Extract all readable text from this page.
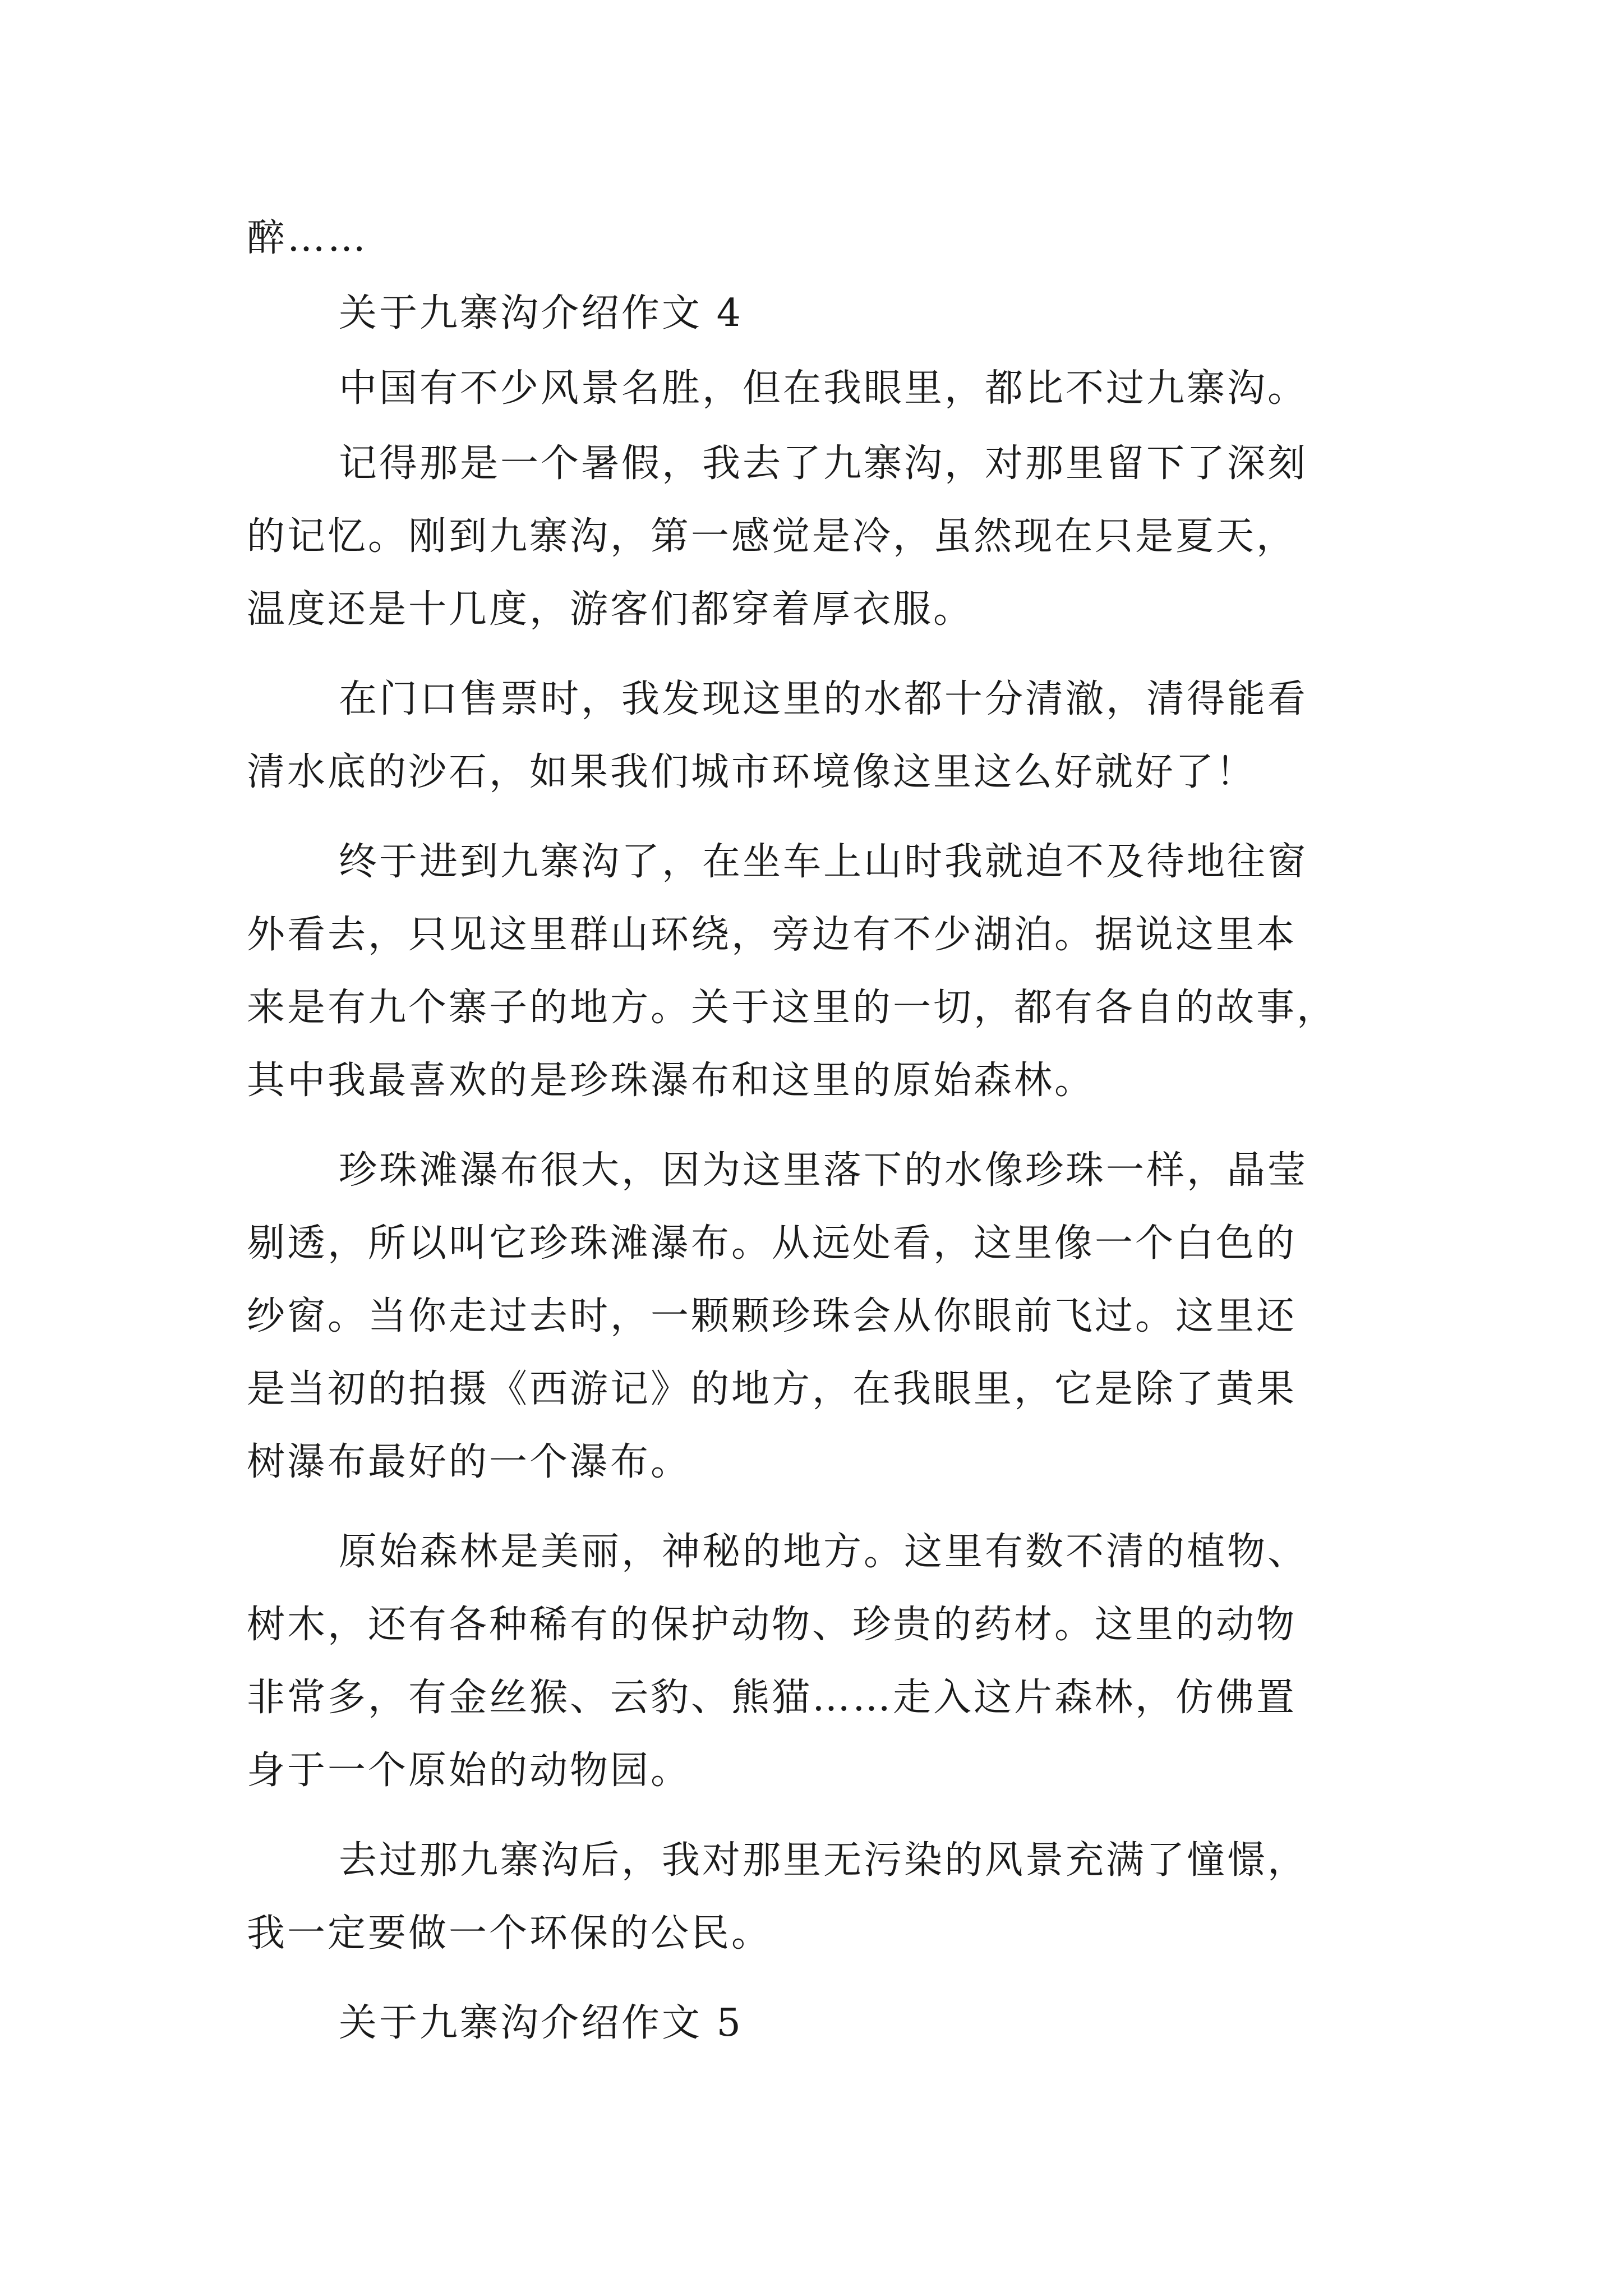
醉……

关于九寨沟介绍作文 4

中国有不少风景名胜，但在我眼里，都比不过九寨沟。

记得那是一个暑假，我去了九寨沟，对那里留下了深刻
的记忆。刚到九寨沟，第一感觉是冷，虽然现在只是夏天，
温度还是十几度，游客们都穿着厚衣服。

在门口售票时，我发现这里的水都十分清澈，清得能看
清水底的沙石，如果我们城市环境像这里这么好就好了！

终于进到九寨沟了，在坐车上山时我就迫不及待地往窗
外看去，只见这里群山环绕，旁边有不少湖泊。据说这里本
来是有九个寨子的地方。关于这里的一切，都有各自的故事，
其中我最喜欢的是珍珠瀑布和这里的原始森林。

珍珠滩瀑布很大，因为这里落下的水像珍珠一样，晶莹
剔透，所以叫它珍珠滩瀑布。从远处看，这里像一个白色的
纱窗。当你走过去时，一颗颗珍珠会从你眼前飞过。这里还
是当初的拍摄《西游记》的地方，在我眼里，它是除了黄果
树瀑布最好的一个瀑布。

原始森林是美丽，神秘的地方。这里有数不清的植物、
树木，还有各种稀有的保护动物、珍贵的药材。这里的动物
非常多，有金丝猴、云豹、熊猫……走入这片森林，仿佛置
身于一个原始的动物园。

去过那九寨沟后，我对那里无污染的风景充满了憧憬，
我一定要做一个环保的公民。

关于九寨沟介绍作文 5
